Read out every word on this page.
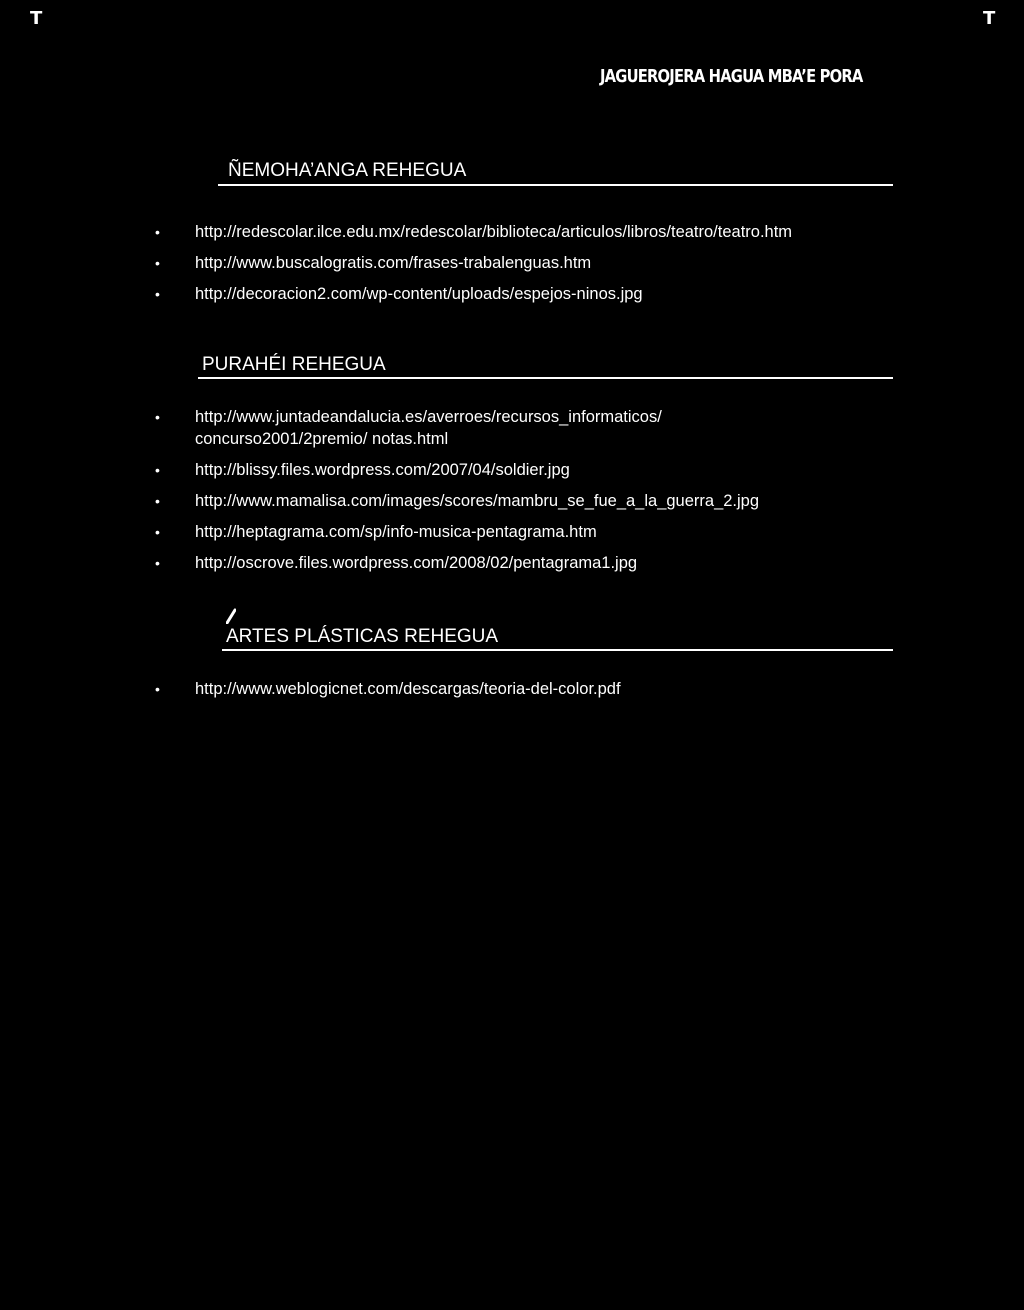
T	T
JAGUEROJERA HAGUA MBA’E PORA
ÑEMOHA’ANGA REHEGUA
• http://redescolar.ilce.edu.mx/redescolar/biblioteca/articulos/libros/teatro/teatro.htm
• http://www.buscalogratis.com/frases-trabalenguas.htm
• http://decoracion2.com/wp-content/uploads/espejos-ninos.jpg
PURAHÉI REHEGUA
• http://www.juntadeandalucia.es/averroes/recursos_informaticos/ concurso2001/2premio/ notas.html
• http://blissy.files.wordpress.com/2007/04/soldier.jpg
• http://www.mamalisa.com/images/scores/mambru_se_fue_a_la_guerra_2.jpg
• http://heptagrama.com/sp/info-musica-pentagrama.htm
• http://oscrove.files.wordpress.com/2008/02/pentagrama1.jpg
ARTES PLÁSTICAS REHEGUA
• http://www.weblogicnet.com/descargas/teoria-del-color.pdf
